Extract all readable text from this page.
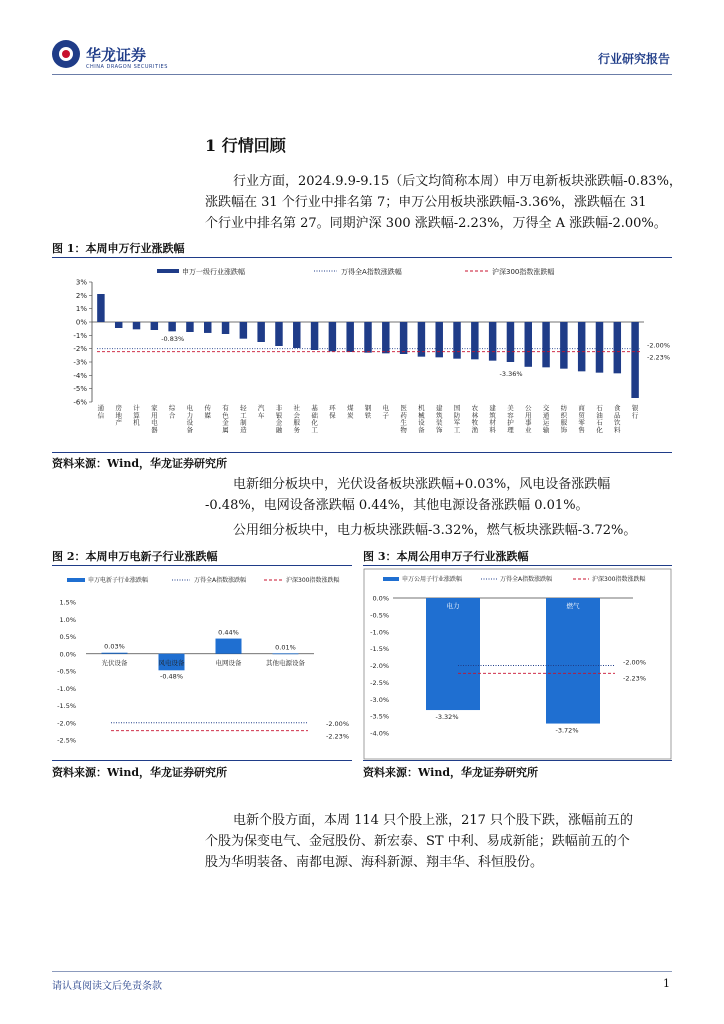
华龙证券
CHINA DRAGON SECURITIES
行业研究报告
1 行情回顾
行业方面，2024.9.9-9.15（后文均简称本周）申万电新板块涨跌幅-0.83%，
涨跌幅在 31 个行业中排名第 7；申万公用板块涨跌幅-3.36%，涨跌幅在 31
个行业中排名第 27。同期沪深 300 涨跌幅-2.23%，万得全 A 涨跌幅-2.00%。
图 1：本周申万行业涨跌幅
申万一级行业涨跌幅	万得全A指数涨跌幅	沪深300指数涨跌幅
3%
2%
1%
0%
-1%
-2%
-3%
-4%
-5%
-6%
-0.83%
-3.36%
-2.00%
-2.23%
通信
房地产
计算机
家用电器
综合
电力设备
传媒
有色金属
轻工制造
汽车
非银金融
社会服务
基础化工
环保
煤炭
钢铁
电子
医药生物
机械设备
建筑装饰
国防军工
农林牧渔
建筑材料
美容护理
公用事业
交通运输
纺织服饰
商贸零售
石油石化
食品饮料
银行
资料来源：Wind，华龙证券研究所
电新细分板块中，光伏设备板块涨跌幅+0.03%，风电设备涨跌幅
-0.48%，电网设备涨跌幅 0.44%，其他电源设备涨跌幅 0.01%。
公用细分板块中，电力板块涨跌幅-3.32%，燃气板块涨跌幅-3.72%。
图 2：本周申万电新子行业涨跌幅
申万电新子行业涨跌幅	万得全A指数涨跌幅	沪深300指数涨跌幅
1.5%
1.0%
0.5%
0.0%
-0.5%
-1.0%
-1.5%
-2.0%
-2.5%
光伏设备
0.03%
风电设备
-0.48%
电网设备
0.44%
其他电源设备
0.01%
-2.00%
-2.23%
资料来源：Wind，华龙证券研究所
图 3：本周公用申万子行业涨跌幅
申万公用子行业涨跌幅	万得全A指数涨跌幅	沪深300指数涨跌幅
0.0%
-0.5%
-1.0%
-1.5%
-2.0%
-2.5%
-3.0%
-3.5%
-4.0%
电力
-3.32%
燃气
-3.72%
-2.00%
-2.23%
资料来源：Wind，华龙证券研究所
电新个股方面，本周 114 只个股上涨，217 只个股下跌，涨幅前五的
个股为保变电气、金冠股份、新宏泰、ST 中利、易成新能；跌幅前五的个
股为华明装备、南都电源、海科新源、翔丰华、科恒股份。
请认真阅读文后免责条款	1
